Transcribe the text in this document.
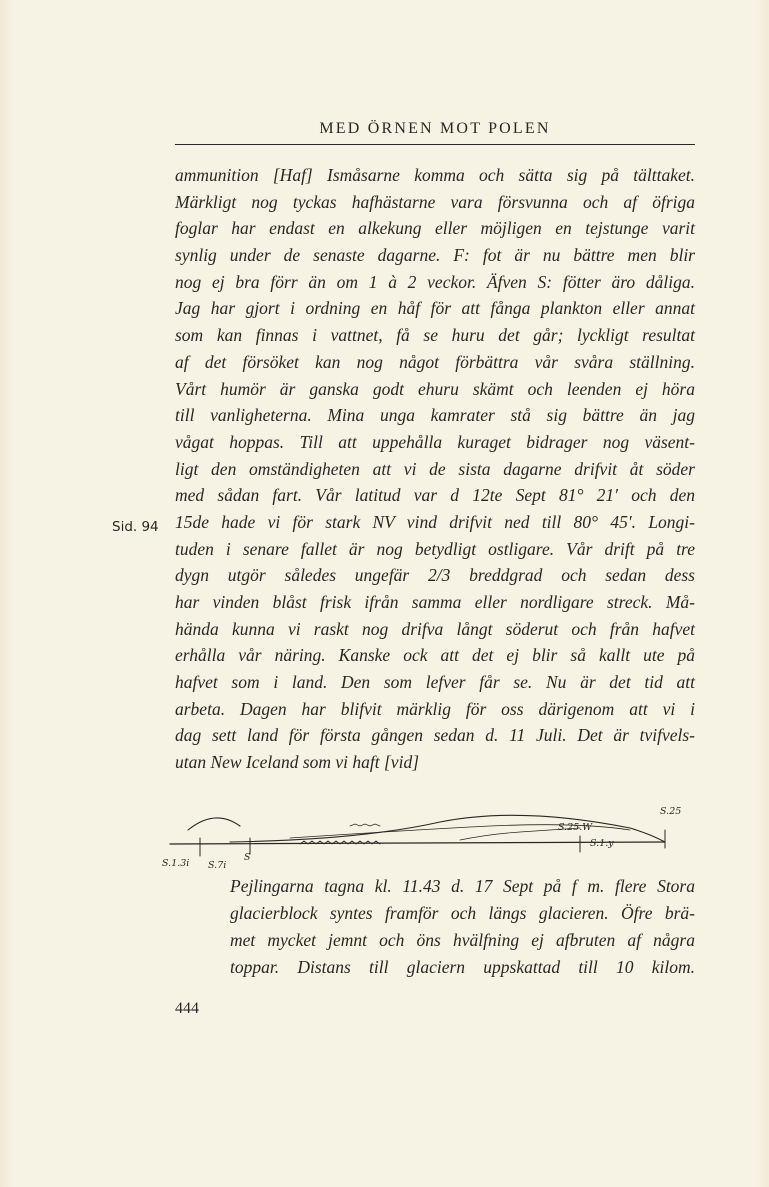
MED ÖRNEN MOT POLEN
Sid. 94
ammunition [Haf] Ismåsarne komma och sätta sig på tälttaket.
Märkligt nog tyckas hafhästarne vara försvunna och af öfriga
foglar har endast en alkekung eller möjligen en tejstunge varit
synlig under de senaste dagarne. F: fot är nu bättre men blir
nog ej bra förr än om 1 à 2 veckor. Äfven S: fötter äro dåliga.
Jag har gjort i ordning en håf för att fånga plankton eller annat
som kan finnas i vattnet, få se huru det går; lyckligt resultat
af det försöket kan nog något förbättra vår svåra ställning.
Vårt humör är ganska godt ehuru skämt och leenden ej höra
till vanligheterna. Mina unga kamrater stå sig bättre än jag
vågat hoppas. Till att uppehålla kuraget bidrager nog väsent-
ligt den omständigheten att vi de sista dagarne drifvit åt söder
med sådan fart. Vår latitud var d 12te Sept 81° 21′ och den
15de hade vi för stark NV vind drifvit ned till 80° 45′. Longi-
tuden i senare fallet är nog betydligt ostligare. Vår drift på tre
dygn utgör således ungefär 2/3 breddgrad och sedan dess
har vinden blåst frisk ifrån samma eller nordligare streck. Må-
hända kunna vi raskt nog drifva långt söderut och från hafvet
erhålla vår näring. Kanske ock att det ej blir så kallt ute på
hafvet som i land. Den som lefver får se. Nu är det tid att
arbeta. Dagen har blifvit märklig för oss därigenom att vi i
dag sett land för första gången sedan d. 11 Juli. Det är tvifvels-
utan New Iceland som vi haft [vid]
S.25
S.25.W
S.1.y
S.1.3i S.7i
S
Pejlingarna tagna kl. 11.43 d. 17 Sept på f m. flere Stora
glacierblock syntes framför och längs glacieren. Öfre brä-
met mycket jemnt och öns hvälfning ej afbruten af några
toppar. Distans till glaciern uppskattad till 10 kilom.
444
